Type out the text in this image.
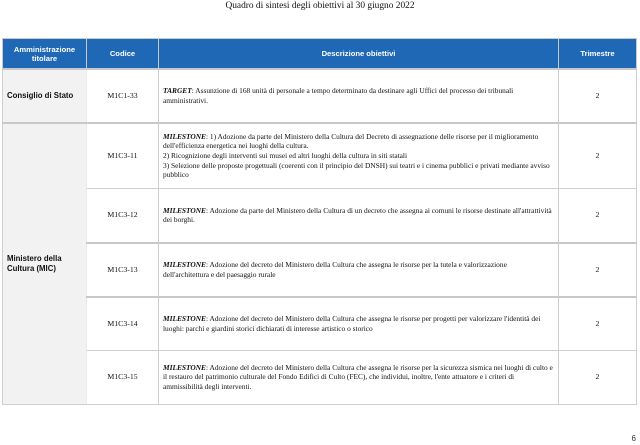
Quadro di sintesi degli obiettivi al 30 giugno 2022
Amministrazione titolare	Codice	Descrizione obiettivi	Trimestre
Consiglio di Stato	M1C1-33	TARGET: Assunzione di 168 unità di personale a tempo determinato da destinare agli Uffici del processo dei tribunali amministrativi.	2
Ministero della Cultura (MIC)	M1C3-11	MILESTONE: 1) Adozione da parte del Ministero della Cultura del Decreto di assegnazione delle risorse per il miglioramento dell'efficienza energetica nei luoghi della cultura.
2) Ricognizione degli interventi sui musei ed altri luoghi della cultura in siti statali
3) Selezione delle proposte progettuali (coerenti con il principio del DNSH) sui teatri e i cinema pubblici e privati mediante avviso pubblico	2
	M1C3-12	MILESTONE: Adozione da parte del Ministero della Cultura di un decreto che assegna ai comuni le risorse destinate all'attrattività dei borghi.	2
	M1C3-13	MILESTONE: Adozione del decreto del Ministero della Cultura che assegna le risorse per la tutela e valorizzazione dell'architettura e del paesaggio rurale	2
	M1C3-14	MILESTONE: Adozione del decreto del Ministero della Cultura che assegna le risorse per progetti per valorizzare l'identità dei luoghi: parchi e giardini storici dichiarati di interesse artistico o storico	2
	M1C3-15	MILESTONE: Adozione del decreto del Ministero della Cultura che assegna le risorse per la sicurezza sismica nei luoghi di culto e il restauro del patrimonio culturale del Fondo Edifici di Culto (FEC), che individui, inoltre, l'ente attuatore e i criteri di ammissibilità degli interventi.	2
6
